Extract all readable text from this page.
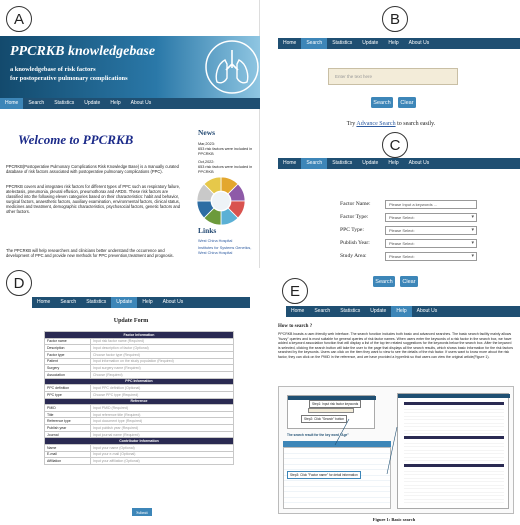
A
PPCRKB knowledgebase
a knowledgebase of risk factors
for postoperative pulmonary complications
Home	Search	Statistics	Update	Help	About Us
Welcome to PPCRKB
PPCRKB(Postoperative Pulmonary Complications Risk Knowledge Base) is a manually curated database of risk factors associated with postoperative pulmonary complications (PPC).
PPCRKB covers and integrates risk factors for different types of PPC such as respiratory failure, atelectasis, pneumonia, pleural effusion, pneumothorax and ARDS. These risk factors are classified into the following eleven categories based on their characteristics: habit and behavior, surgical factors, anaesthetic factors, auxiliary examination, environmental factors, clinical status, medicines and treatment, demographic characteristics, psychosocial factors, genetic factors and other factors.
The PPCRKB will help researchers and clinicians better understand the occurrence and development of PPC and provide new methods for PPC prevention,treatment and prognosis.
News
Mar,2023:
653 risk factors were included in PPCRKB
Oct,2022:
653 risk factors were included in PPCRKB
Links
West China Hospital
Institutes for Systems Genetics, West China Hospital
B
Home	Search	Statistics	Update	Help	About Us
Enter the text here
Search	Clear
Try Advance Search to search easily.
C
Home	Search	Statistics	Update	Help	About Us
Factor Name:	Please Input a keywords ...
Factor Type:	Please Select: ▾
PPC Type:	Please Select: ▾
Publish Year:	Please Select: ▾
Study Area:	Please Select: ▾
Search	Clear
D
Home	Search	Statistics	Update	Help	About Us
Update Form
Factor Information	
Factor name	Input risk factor name (Required)
Description	Input description of factor (Optional)
Factor type	Choose factor type (Required)
Patient	Input information on the study population (Required)
Surgery	Input surgery name (Required)
Association	Choose (Required)
PPC Information	
PPC definition	Input PPC definition (Optional)
PPC type	Choose PPC type (Required)
Reference	
PMID	Input PMID (Required)
Title	Input reference title (Required)
Reference type	Input document type (Required)
Publish year	Input publish year (Required)
Journal	Input journal name (Required)
Contributor Information	
Name	Input your name (Optional)
E-mail	Input your e-mail (Optional)
Affiliation	Input your affiliation (Optional)
Submit
E
Home	Search	Statistics	Update	Help	About Us
How to search ?
PPCRKB boasts a user-friendly web interface. The search function includes both basic and advanced searches. The basic search facility mainly allows "fuzzy" queries and is most suitable for general queries of risk factor names. When users enter the keywords of a risk factor in the search box, we have added a keyword association function that will display a list of the top ten related suggestions for the keywords below the search box. After the keyword is selected, clicking the search button will take the user to the page that displays all the search results, which shows basic information for the risk factors searched by the keywords. Users can click on the item they want to view to see the details of the risk factor. If users want to know more about the risk factor, they can click on the PMID in the reference, and we have provided a hyperlink so that users can view the original article(Figure 1).
Step1: Input risk factor keywords
Step2: Click "Search" button
The search result for the key word "Age"
Step3: Click "Factor name" for detail information
Figure 1: Basic search
